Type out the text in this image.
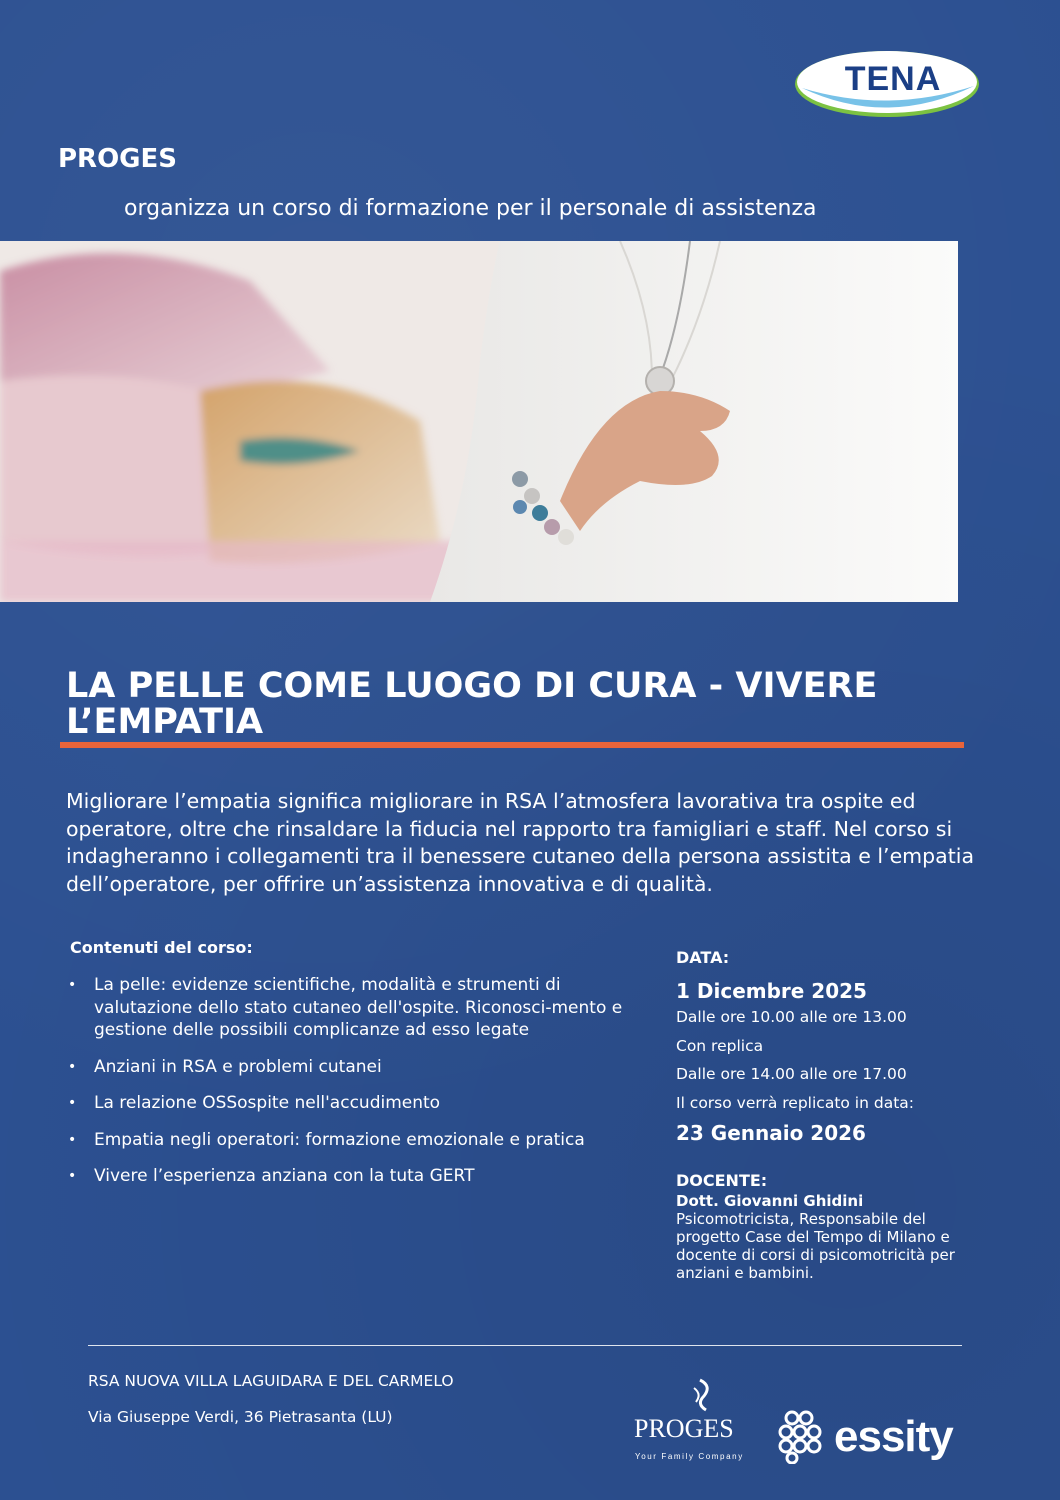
TENA
PROGES
organizza un corso di formazione per il personale di assistenza
LA PELLE COME LUOGO DI CURA - VIVERE L’EMPATIA
Migliorare l’empatia significa migliorare in RSA l’atmosfera lavorativa tra ospite ed operatore, oltre che rinsaldare la fiducia nel rapporto tra famigliari e staff. Nel corso si indagheranno i collegamenti tra il benessere cutaneo della persona assistita e l’empatia dell’operatore, per offrire un’assistenza innovativa e di qualità.
Contenuti del corso:
• La pelle: evidenze scientifiche, modalità e strumenti di valutazione dello stato cutaneo dell'ospite. Riconosci-mento e gestione delle possibili complicanze ad esso legate
• Anziani in RSA e problemi cutanei
• La relazione OSSospite nell'accudimento
• Empatia negli operatori: formazione emozionale e pratica
• Vivere l’esperienza anziana con la tuta GERT
DATA:
1 Dicembre 2025
Dalle ore 10.00 alle ore 13.00
Con replica
Dalle ore 14.00 alle ore 17.00
Il corso verrà replicato in data:
23 Gennaio 2026
DOCENTE:
Dott. Giovanni Ghidini
Psicomotricista, Responsabile del progetto Case del Tempo di Milano e docente di corsi di psicomotricità per anziani e bambini.
RSA NUOVA VILLA LAGUIDARA E DEL CARMELO
Via Giuseppe Verdi, 36 Pietrasanta (LU)	PROGES
Your Family Company essity
